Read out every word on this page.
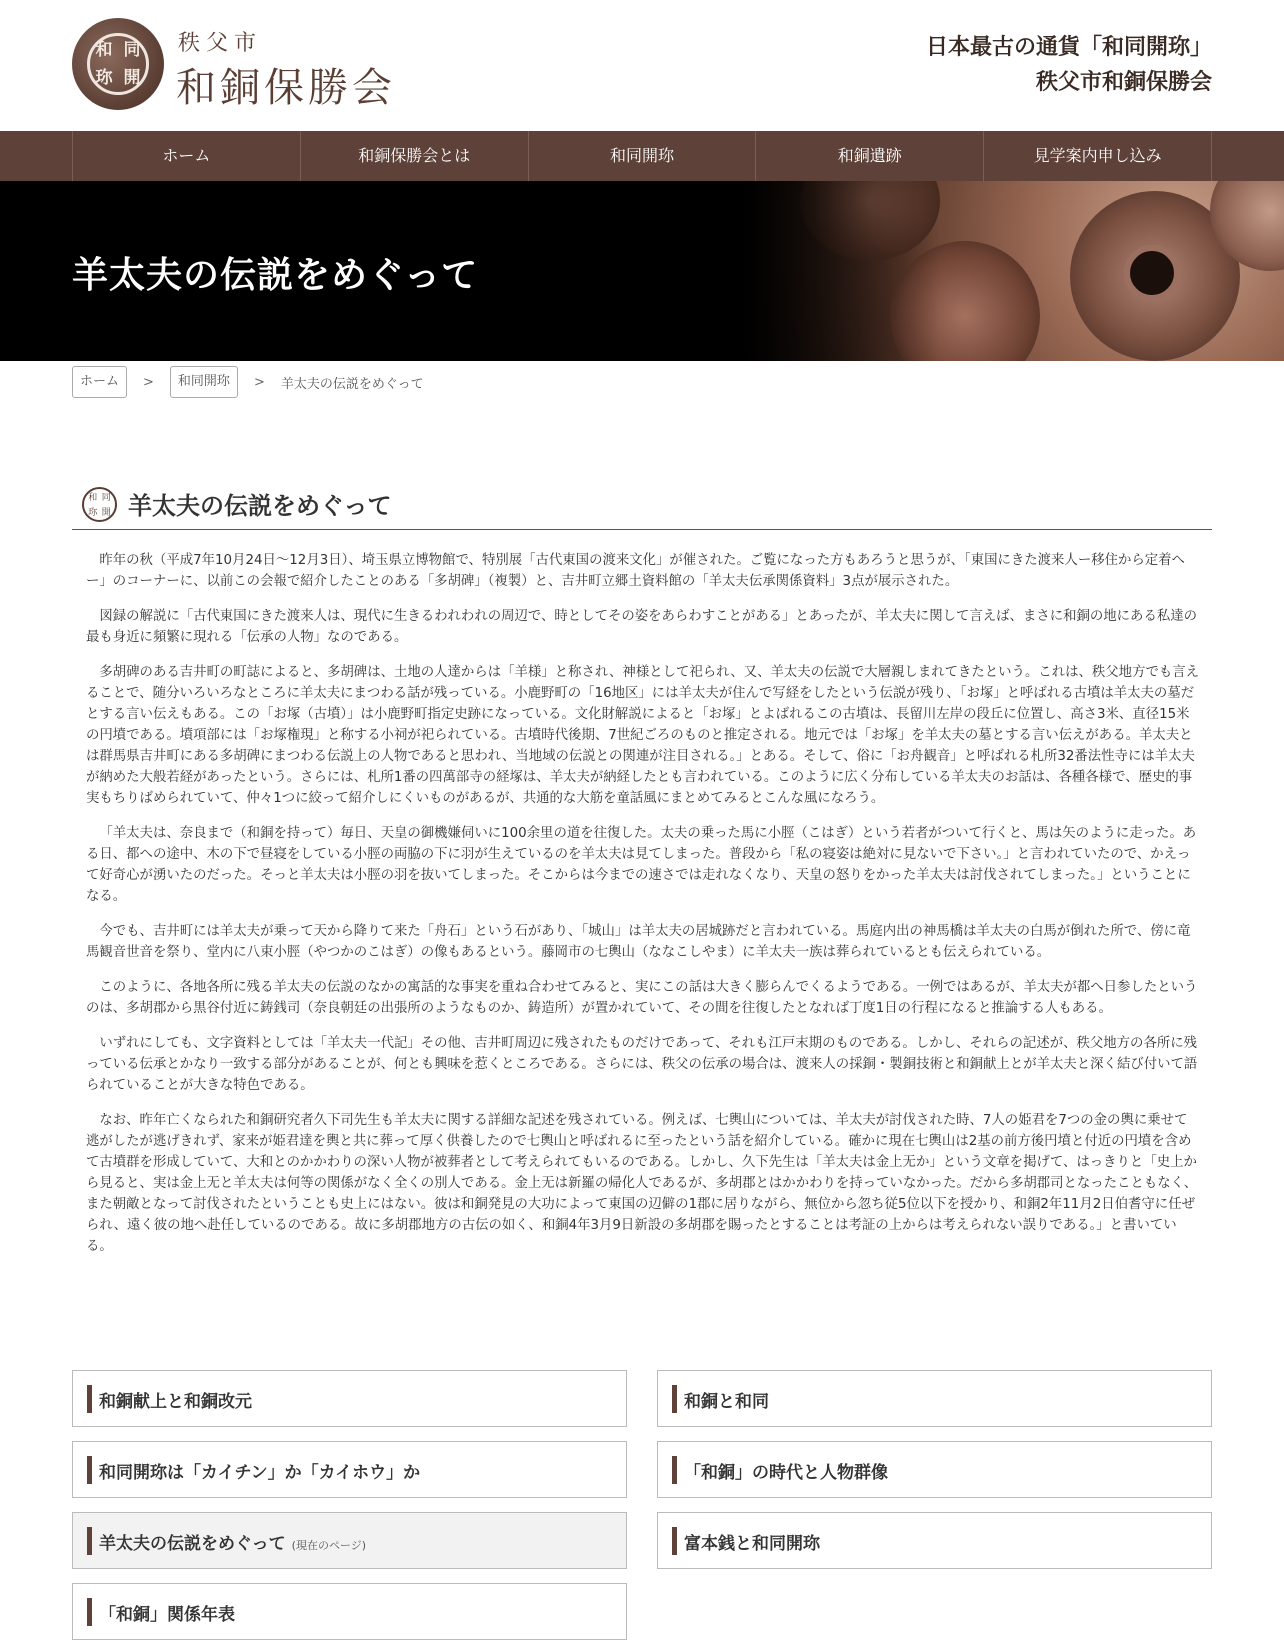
和 同
珎 開
秩父市
和銅保勝会
日本最古の通貨「和同開珎」
秩父市和銅保勝会
ホーム	和銅保勝会とは	和同開珎	和銅遺跡	見学案内申し込み
羊太夫の伝説をめぐって
ホーム	>	和同開珎	> 羊太夫の伝説をめぐって
和 同
珎 開 羊太夫の伝説をめぐって

昨年の秋（平成7年10月24日〜12月3日）、埼玉県立博物館で、特別展「古代東国の渡来文化」が催された。ご覧になった方もあろうと思うが、「東国にきた渡来人ー移住から定着へー」のコーナーに、以前この会報で紹介したことのある「多胡碑」（複製）と、吉井町立郷土資料館の「羊太夫伝承関係資料」3点が展示された。

図録の解説に「古代東国にきた渡来人は、現代に生きるわれわれの周辺で、時としてその姿をあらわすことがある」とあったが、羊太夫に関して言えば、まさに和銅の地にある私達の最も身近に頻繁に現れる「伝承の人物」なのである。

多胡碑のある吉井町の町誌によると、多胡碑は、土地の人達からは「羊様」と称され、神様として祀られ、又、羊太夫の伝説で大層親しまれてきたという。これは、秩父地方でも言えることで、随分いろいろなところに羊太夫にまつわる話が残っている。小鹿野町の「16地区」には羊太夫が住んで写経をしたという伝説が残り、「お塚」と呼ばれる古墳は羊太夫の墓だとする言い伝えもある。この「お塚（古墳）」は小鹿野町指定史跡になっている。文化財解説によると「お塚」とよばれるこの古墳は、長留川左岸の段丘に位置し、高さ3米、直径15米の円墳である。墳項部には「お塚権現」と称する小祠が祀られている。古墳時代後期、7世紀ごろのものと推定される。地元では「お塚」を羊太夫の墓とする言い伝えがある。羊太夫とは群馬県吉井町にある多胡碑にまつわる伝説上の人物であると思われ、当地域の伝説との関連が注目される。」とある。そして、俗に「お舟観音」と呼ばれる札所32番法性寺には羊太夫が納めた大般若経があったという。さらには、札所1番の四萬部寺の経塚は、羊太夫が納経したとも言われている。このように広く分布している羊太夫のお話は、各種各様で、歴史的事実もちりばめられていて、仲々1つに絞って紹介しにくいものがあるが、共通的な大筋を童話風にまとめてみるとこんな風になろう。

「羊太夫は、奈良まで（和銅を持って）毎日、天皇の御機嫌伺いに100余里の道を往復した。太夫の乗った馬に小脛（こはぎ）という若者がついて行くと、馬は矢のように走った。ある日、都への途中、木の下で昼寝をしている小脛の両脇の下に羽が生えているのを羊太夫は見てしまった。普段から「私の寝姿は絶対に見ないで下さい。」と言われていたので、かえって好奇心が湧いたのだった。そっと羊太夫は小脛の羽を抜いてしまった。そこからは今までの速さでは走れなくなり、天皇の怒りをかった羊太夫は討伐されてしまった。」ということになる。

今でも、吉井町には羊太夫が乗って天から降りて来た「舟石」という石があり、「城山」は羊太夫の居城跡だと言われている。馬庭内出の神馬橋は羊太夫の白馬が倒れた所で、傍に竜馬観音世音を祭り、堂内に八束小脛（やつかのこはぎ）の像もあるという。藤岡市の七輿山（ななこしやま）に羊太夫一族は葬られているとも伝えられている。

このように、各地各所に残る羊太夫の伝説のなかの寓話的な事実を重ね合わせてみると、実にこの話は大きく膨らんでくるようである。一例ではあるが、羊太夫が都へ日参したというのは、多胡郡から黒谷付近に鋳銭司（奈良朝廷の出張所のようなものか、鋳造所）が置かれていて、その間を往復したとなれば丁度1日の行程になると推論する人もある。

いずれにしても、文字資料としては「羊太夫一代記」その他、吉井町周辺に残されたものだけであって、それも江戸末期のものである。しかし、それらの記述が、秩父地方の各所に残っている伝承とかなり一致する部分があることが、何とも興味を惹くところである。さらには、秩父の伝承の場合は、渡来人の採銅・製銅技術と和銅献上とが羊太夫と深く結び付いて語られていることが大きな特色である。

なお、昨年亡くなられた和銅研究者久下司先生も羊太夫に関する詳細な記述を残されている。例えば、七輿山については、羊太夫が討伐された時、7人の姫君を7つの金の輿に乗せて逃がしたが逃げきれず、家来が姫君達を輿と共に葬って厚く供養したので七輿山と呼ばれるに至ったという話を紹介している。確かに現在七輿山は2基の前方後円墳と付近の円墳を含めて古墳群を形成していて、大和とのかかわりの深い人物が被葬者として考えられてもいるのである。しかし、久下先生は「羊太夫は金上无か」という文章を掲げて、はっきりと「史上から見ると、実は金上无と羊太夫は何等の関係がなく全くの別人である。金上无は新羅の帰化人であるが、多胡郡とはかかわりを持っていなかった。だから多胡郡司となったこともなく、また朝敵となって討伐されたということも史上にはない。彼は和銅発見の大功によって東国の辺僻の1郡に居りながら、無位から忽ち従5位以下を授かり、和銅2年11月2日伯耆守に任ぜられ、遠く彼の地へ赴任しているのである。故に多胡郡地方の古伝の如く、和銅4年3月9日新設の多胡郡を賜ったとすることは考証の上からは考えられない誤りである。」と書いている。

和銅献上と和銅改元	和銅と和同
和同開珎は「カイチン」か「カイホウ」か	「和銅」の時代と人物群像
羊太夫の伝説をめぐって (現在のページ)	富本銭と和同開珎
「和銅」関係年表
